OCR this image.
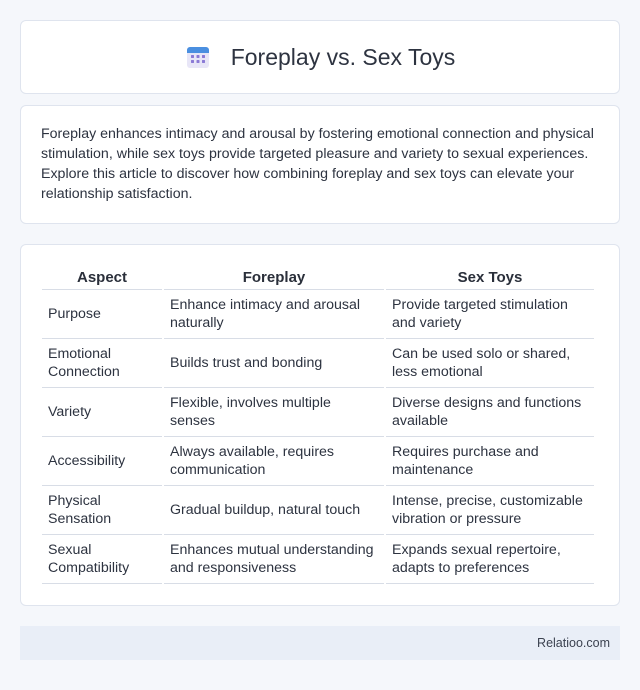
Foreplay vs. Sex Toys

Foreplay enhances intimacy and arousal by fostering emotional connection and physical stimulation, while sex toys provide targeted pleasure and variety to sexual experiences. Explore this article to discover how combining foreplay and sex toys can elevate your relationship satisfaction.

Aspect	Foreplay	Sex Toys
Purpose	Enhance intimacy and arousal naturally	Provide targeted stimulation and variety
Emotional Connection	Builds trust and bonding	Can be used solo or shared, less emotional
Variety	Flexible, involves multiple senses	Diverse designs and functions available
Accessibility	Always available, requires communication	Requires purchase and maintenance
Physical Sensation	Gradual buildup, natural touch	Intense, precise, customizable vibration or pressure
Sexual Compatibility	Enhances mutual understanding and responsiveness	Expands sexual repertoire, adapts to preferences
Relatioo.com
